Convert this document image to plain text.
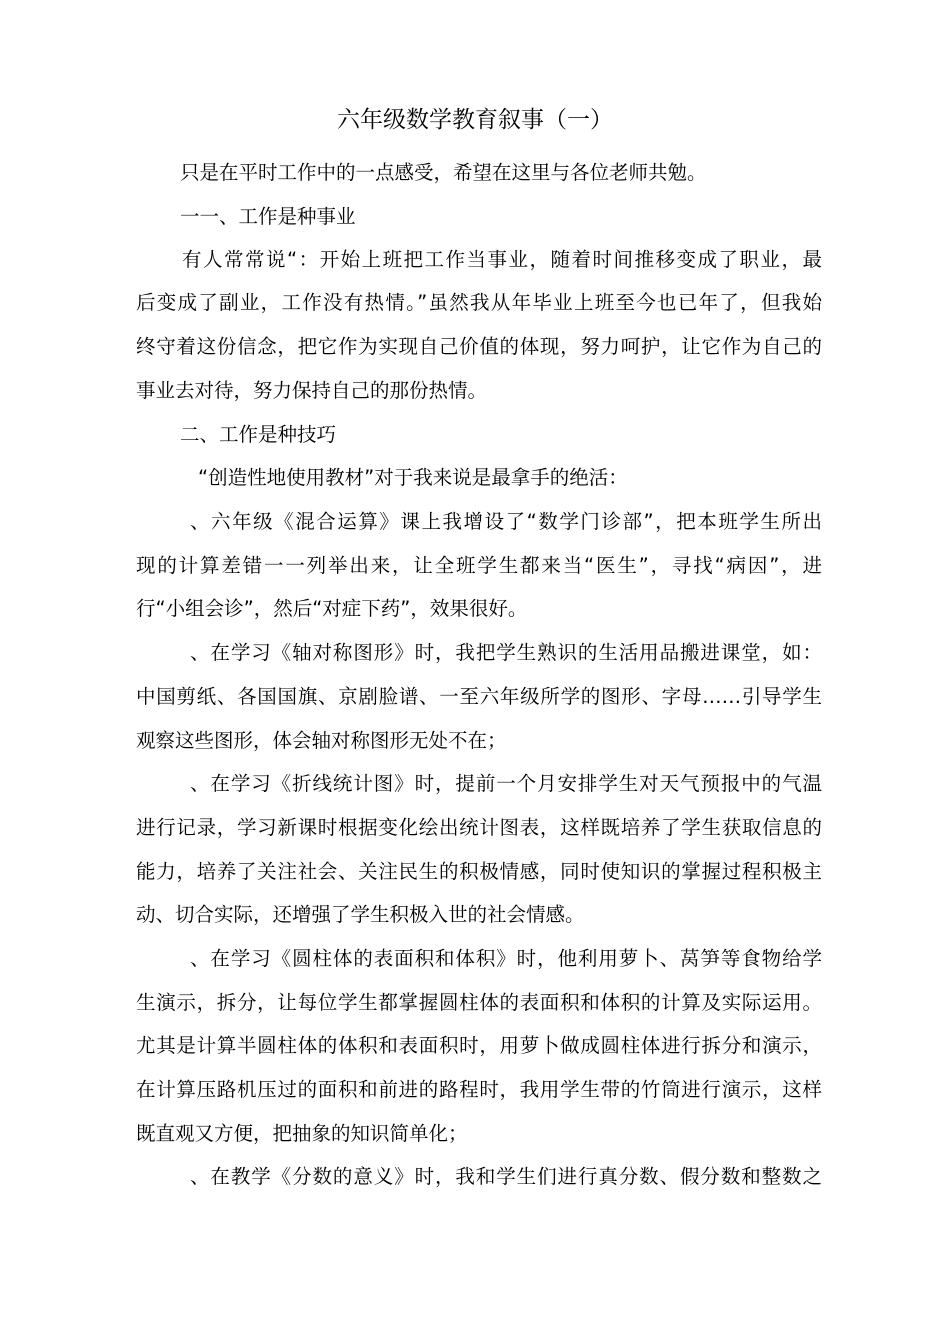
六年级数学教育叙事（一）

只是在平时工作中的一点感受，希望在这里与各位老师共勉。

一一、工作是种事业

有人常常说“：开始上班把工作当事业，随着时间推移变成了职业，最

后变成了副业，工作没有热情。”虽然我从年毕业上班至今也已年了，但我始

终守着这份信念，把它作为实现自己价值的体现，努力呵护，让它作为自己的

事业去对待，努力保持自己的那份热情。

二、工作是种技巧

“创造性地使用教材”对于我来说是最拿手的绝活：

、六年级《混合运算》课上我增设了“数学门诊部”，把本班学生所出

现的计算差错一一列举出来，让全班学生都来当“医生”，寻找“病因”，进

行“小组会诊”，然后“对症下药”，效果很好。

、在学习《轴对称图形》时，我把学生熟识的生活用品搬进课堂，如：

中国剪纸、各国国旗、京剧脸谱、一至六年级所学的图形、字母……引导学生

观察这些图形，体会轴对称图形无处不在；

、在学习《折线统计图》时，提前一个月安排学生对天气预报中的气温

进行记录，学习新课时根据变化绘出统计图表，这样既培养了学生获取信息的

能力，培养了关注社会、关注民生的积极情感，同时使知识的掌握过程积极主

动、切合实际，还增强了学生积极入世的社会情感。

、在学习《圆柱体的表面积和体积》时，他利用萝卜、莴笋等食物给学

生演示，拆分，让每位学生都掌握圆柱体的表面积和体积的计算及实际运用。

尤其是计算半圆柱体的体积和表面积时，用萝卜做成圆柱体进行拆分和演示，

在计算压路机压过的面积和前进的路程时，我用学生带的竹筒进行演示，这样

既直观又方便，把抽象的知识简单化；

、在教学《分数的意义》时，我和学生们进行真分数、假分数和整数之
